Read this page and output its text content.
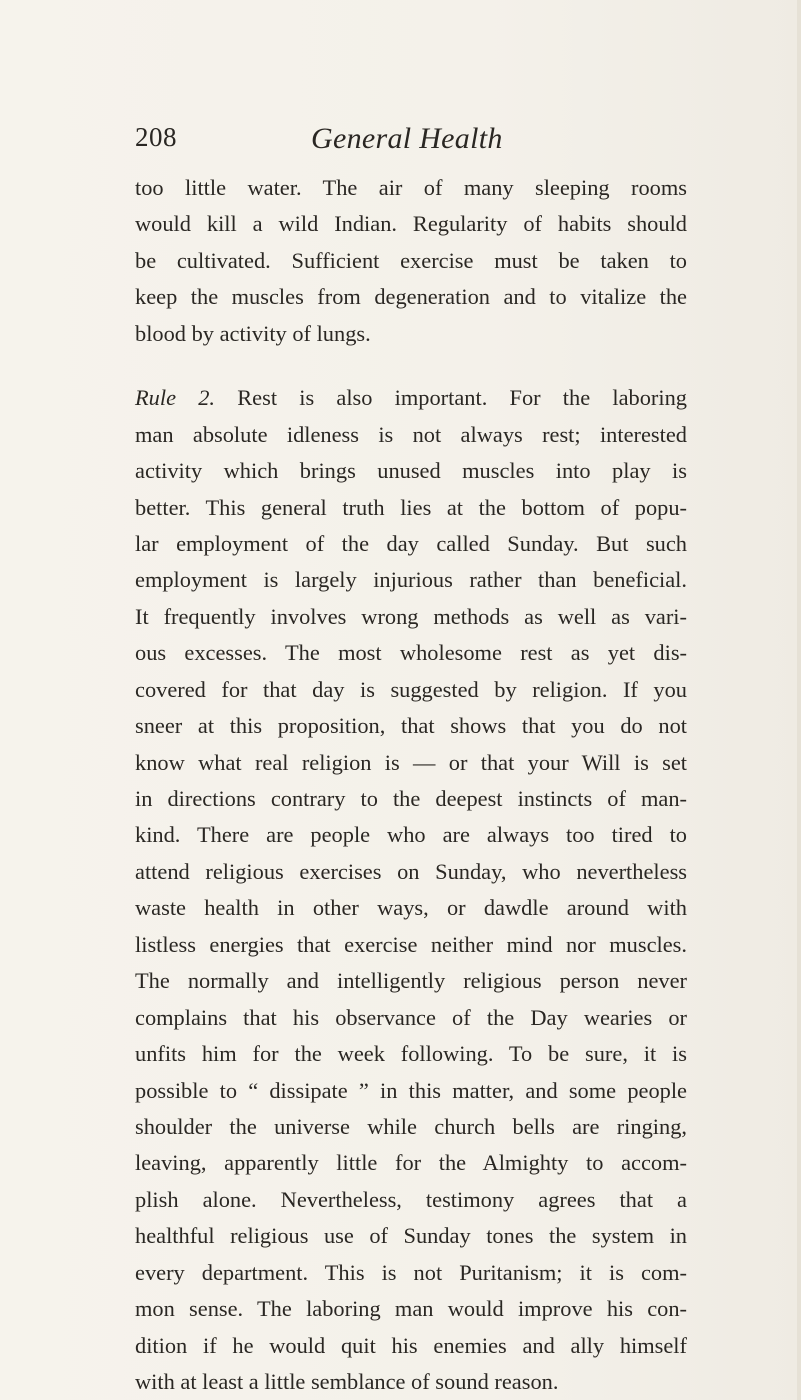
208	General Health
too little water. The air of many sleeping rooms
would kill a wild Indian. Regularity of habits should
be cultivated. Sufficient exercise must be taken to
keep the muscles from degeneration and to vitalize the
blood by activity of lungs.
Rule 2. Rest is also important. For the laboring
man absolute idleness is not always rest; interested
activity which brings unused muscles into play is
better. This general truth lies at the bottom of popu-
lar employment of the day called Sunday. But such
employment is largely injurious rather than beneficial.
It frequently involves wrong methods as well as vari-
ous excesses. The most wholesome rest as yet dis-
covered for that day is suggested by religion. If you
sneer at this proposition, that shows that you do not
know what real religion is — or that your Will is set
in directions contrary to the deepest instincts of man-
kind. There are people who are always too tired to
attend religious exercises on Sunday, who nevertheless
waste health in other ways, or dawdle around with
listless energies that exercise neither mind nor muscles.
The normally and intelligently religious person never
complains that his observance of the Day wearies or
unfits him for the week following. To be sure, it is
possible to “ dissipate ” in this matter, and some people
shoulder the universe while church bells are ringing,
leaving, apparently little for the Almighty to accom-
plish alone. Nevertheless, testimony agrees that a
healthful religious use of Sunday tones the system in
every department. This is not Puritanism; it is com-
mon sense. The laboring man would improve his con-
dition if he would quit his enemies and ally himself
with at least a little semblance of sound reason.
